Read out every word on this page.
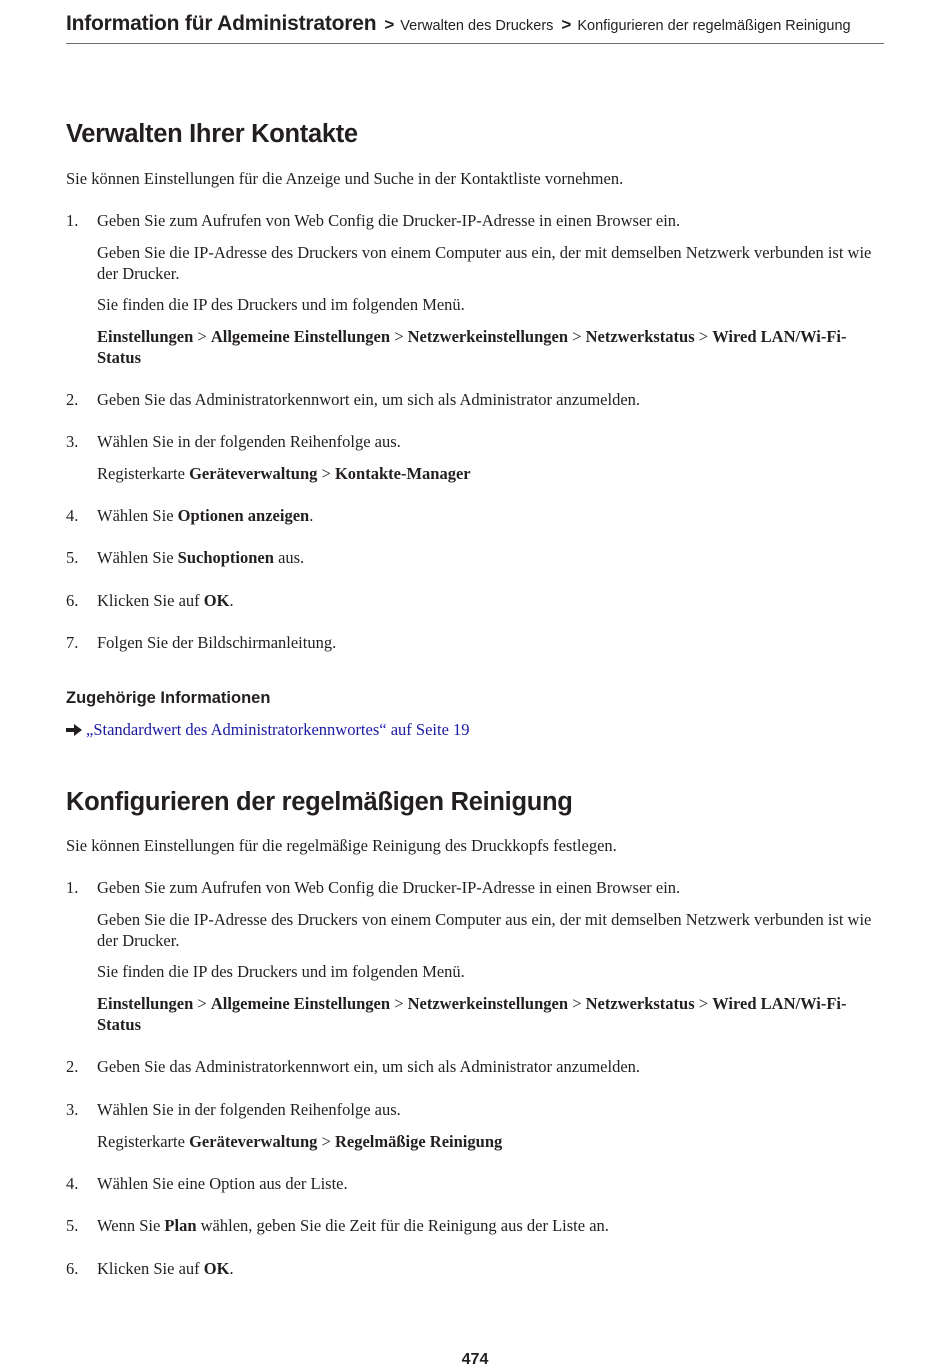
Information für Administratoren > Verwalten des Druckers > Konfigurieren der regelmäßigen Reinigung
Verwalten Ihrer Kontakte

Sie können Einstellungen für die Anzeige und Suche in der Kontaktliste vornehmen.

1. Geben Sie zum Aufrufen von Web Config die Drucker-IP-Adresse in einen Browser ein.
Geben Sie die IP-Adresse des Druckers von einem Computer aus ein, der mit demselben Netzwerk verbunden ist wie der Drucker.
Sie finden die IP des Druckers und im folgenden Menü.
Einstellungen > Allgemeine Einstellungen > Netzwerkeinstellungen > Netzwerkstatus > Wired LAN/Wi-Fi-Status
2. Geben Sie das Administratorkennwort ein, um sich als Administrator anzumelden.
3. Wählen Sie in der folgenden Reihenfolge aus.
Registerkarte Geräteverwaltung > Kontakte-Manager
4. Wählen Sie Optionen anzeigen.
5. Wählen Sie Suchoptionen aus.
6. Klicken Sie auf OK.
7. Folgen Sie der Bildschirmanleitung.
Zugehörige Informationen
„Standardwert des Administratorkennwortes“ auf Seite 19
Konfigurieren der regelmäßigen Reinigung

Sie können Einstellungen für die regelmäßige Reinigung des Druckkopfs festlegen.

1. Geben Sie zum Aufrufen von Web Config die Drucker-IP-Adresse in einen Browser ein.
Geben Sie die IP-Adresse des Druckers von einem Computer aus ein, der mit demselben Netzwerk verbunden ist wie der Drucker.
Sie finden die IP des Druckers und im folgenden Menü.
Einstellungen > Allgemeine Einstellungen > Netzwerkeinstellungen > Netzwerkstatus > Wired LAN/Wi-Fi-Status
2. Geben Sie das Administratorkennwort ein, um sich als Administrator anzumelden.
3. Wählen Sie in der folgenden Reihenfolge aus.
Registerkarte Geräteverwaltung > Regelmäßige Reinigung
4. Wählen Sie eine Option aus der Liste.
5. Wenn Sie Plan wählen, geben Sie die Zeit für die Reinigung aus der Liste an.
6. Klicken Sie auf OK.
474
